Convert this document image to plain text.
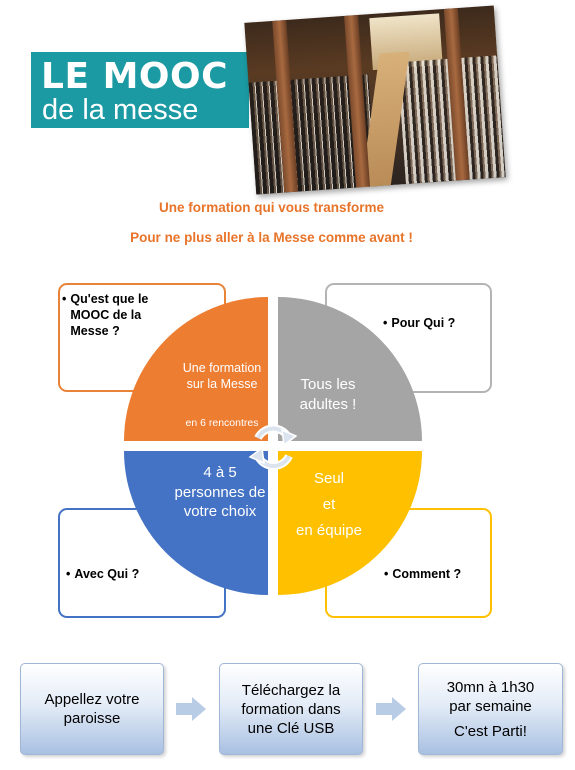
LE MOOC
de la messe
Une formation qui vous transforme
Pour ne plus aller à la Messe comme avant !
Une formation sur la Messe
en 6 rencontres
Tous les adultes !
4 à 5 personnes de votre choix
Seul
et
en équipe
• Qu'est que le MOOC de la Messe ?
• Pour Qui ?
• Avec Qui ?	• Comment ?
Appellez votre paroisse
Téléchargez la formation dans une Clé USB
30mn à 1h30 par semaine
C'est Parti!
